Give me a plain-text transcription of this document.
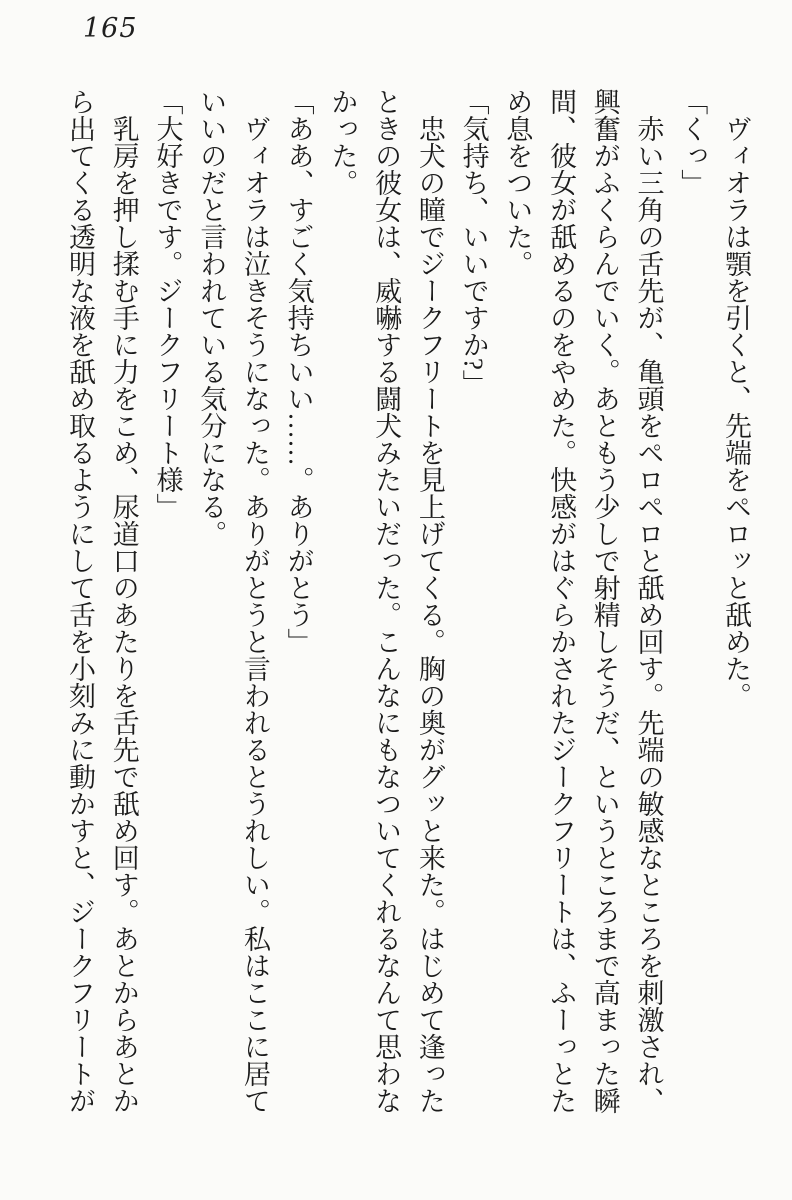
165

　ヴィオラは顎を引くと、先端をペロッと舐めた。

「くっ」

　赤い三角の舌先が、亀頭をペロペロと舐め回す。先端の敏感なところを刺激され、興奮がふくらんでいく。あともう少しで射精しそうだ、というところまで高まった瞬間、彼女が舐めるのをやめた。快感がはぐらかされたジークフリートは、ふーっとため息をついた。

「気持ち、いいですか?」

　忠犬の瞳でジークフリートを見上げてくる。胸の奥がグッと来た。はじめて逢ったときの彼女は、威嚇する闘犬みたいだった。こんなにもなついてくれるなんて思わなかった。

「ああ、すごく気持ちいい……。ありがとう」

　ヴィオラは泣きそうになった。ありがとうと言われるとうれしい。私はここに居ていいのだと言われている気分になる。

「大好きです。ジークフリート様」

　乳房を押し揉む手に力をこめ、尿道口のあたりを舌先で舐め回す。あとからあとから出てくる透明な液を舐め取るようにして舌を小刻みに動かすと、ジークフリートが
